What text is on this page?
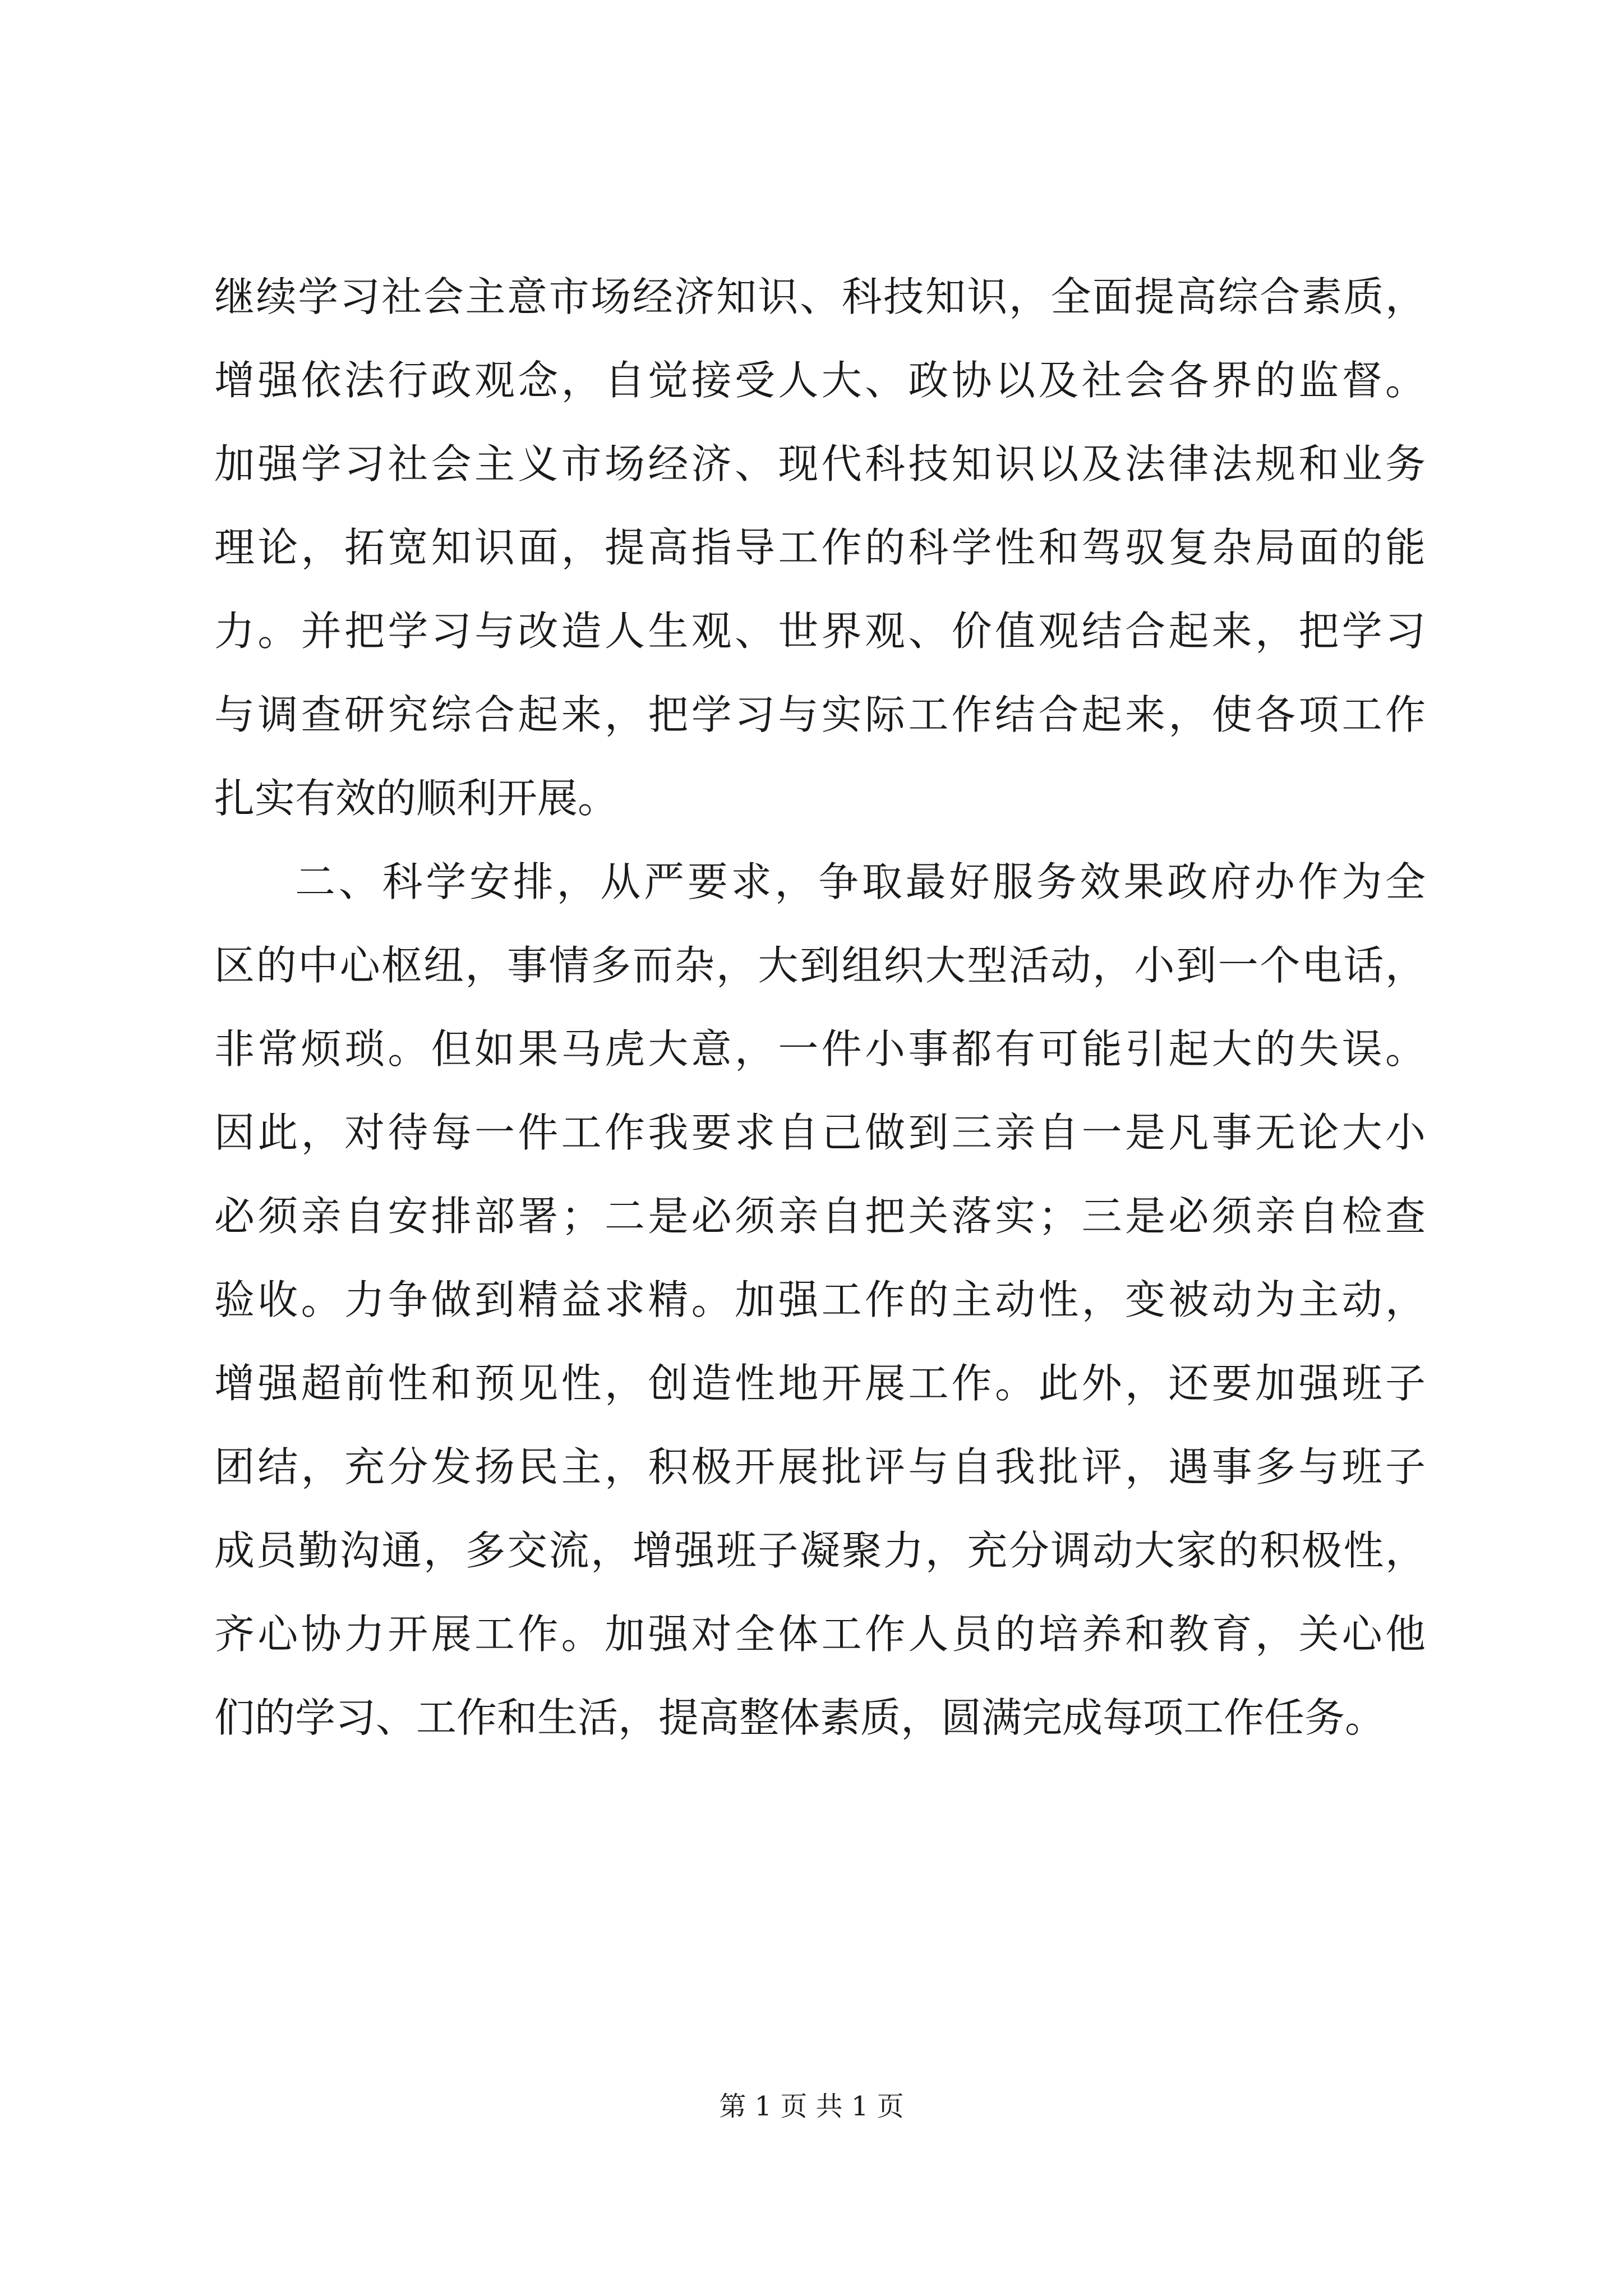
继续学习社会主意市场经济知识、科技知识，全面提高综合素质，
增强依法行政观念，自觉接受人大、政协以及社会各界的监督。
加强学习社会主义市场经济、现代科技知识以及法律法规和业务
理论，拓宽知识面，提高指导工作的科学性和驾驭复杂局面的能
力。并把学习与改造人生观、世界观、价值观结合起来，把学习
与调查研究综合起来，把学习与实际工作结合起来，使各项工作
扎实有效的顺利开展。
二、科学安排，从严要求，争取最好服务效果政府办作为全
区的中心枢纽，事情多而杂，大到组织大型活动，小到一个电话，
非常烦琐。但如果马虎大意，一件小事都有可能引起大的失误。
因此，对待每一件工作我要求自己做到三亲自一是凡事无论大小
必须亲自安排部署；二是必须亲自把关落实；三是必须亲自检查
验收。力争做到精益求精。加强工作的主动性，变被动为主动，
增强超前性和预见性，创造性地开展工作。此外，还要加强班子
团结，充分发扬民主，积极开展批评与自我批评，遇事多与班子
成员勤沟通，多交流，增强班子凝聚力，充分调动大家的积极性，
齐心协力开展工作。加强对全体工作人员的培养和教育，关心他
们的学习、工作和生活，提高整体素质，圆满完成每项工作任务。
第 1 页 共 1 页
